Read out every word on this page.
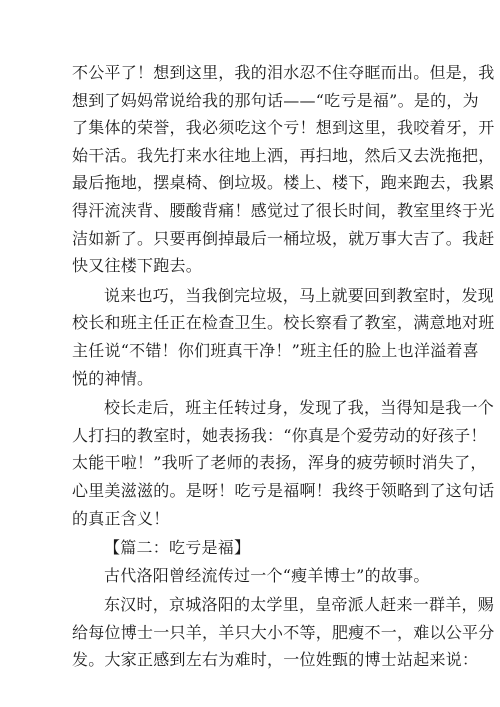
不公平了！想到这里，我的泪水忍不住夺眶而出。但是，我
想到了妈妈常说给我的那句话——“吃亏是福”。是的，为
了集体的荣誉，我必须吃这个亏！想到这里，我咬着牙，开
始干活。我先打来水往地上洒，再扫地，然后又去洗拖把，
最后拖地，摆桌椅、倒垃圾。楼上、楼下，跑来跑去，我累
得汗流浃背、腰酸背痛！感觉过了很长时间，教室里终于光
洁如新了。只要再倒掉最后一桶垃圾，就万事大吉了。我赶
快又往楼下跑去。
说来也巧，当我倒完垃圾，马上就要回到教室时，发现
校长和班主任正在检查卫生。校长察看了教室，满意地对班
主任说“不错！你们班真干净！”班主任的脸上也洋溢着喜
悦的神情。
校长走后，班主任转过身，发现了我，当得知是我一个
人打扫的教室时，她表扬我：“你真是个爱劳动的好孩子！
太能干啦！”我听了老师的表扬，浑身的疲劳顿时消失了，
心里美滋滋的。是呀！吃亏是福啊！我终于领略到了这句话
的真正含义！
【篇二：吃亏是福】
古代洛阳曾经流传过一个“瘦羊博士”的故事。
东汉时，京城洛阳的太学里，皇帝派人赶来一群羊，赐
给每位博士一只羊，羊只大小不等，肥瘦不一，难以公平分
发。大家正感到左右为难时，一位姓甄的博士站起来说：
